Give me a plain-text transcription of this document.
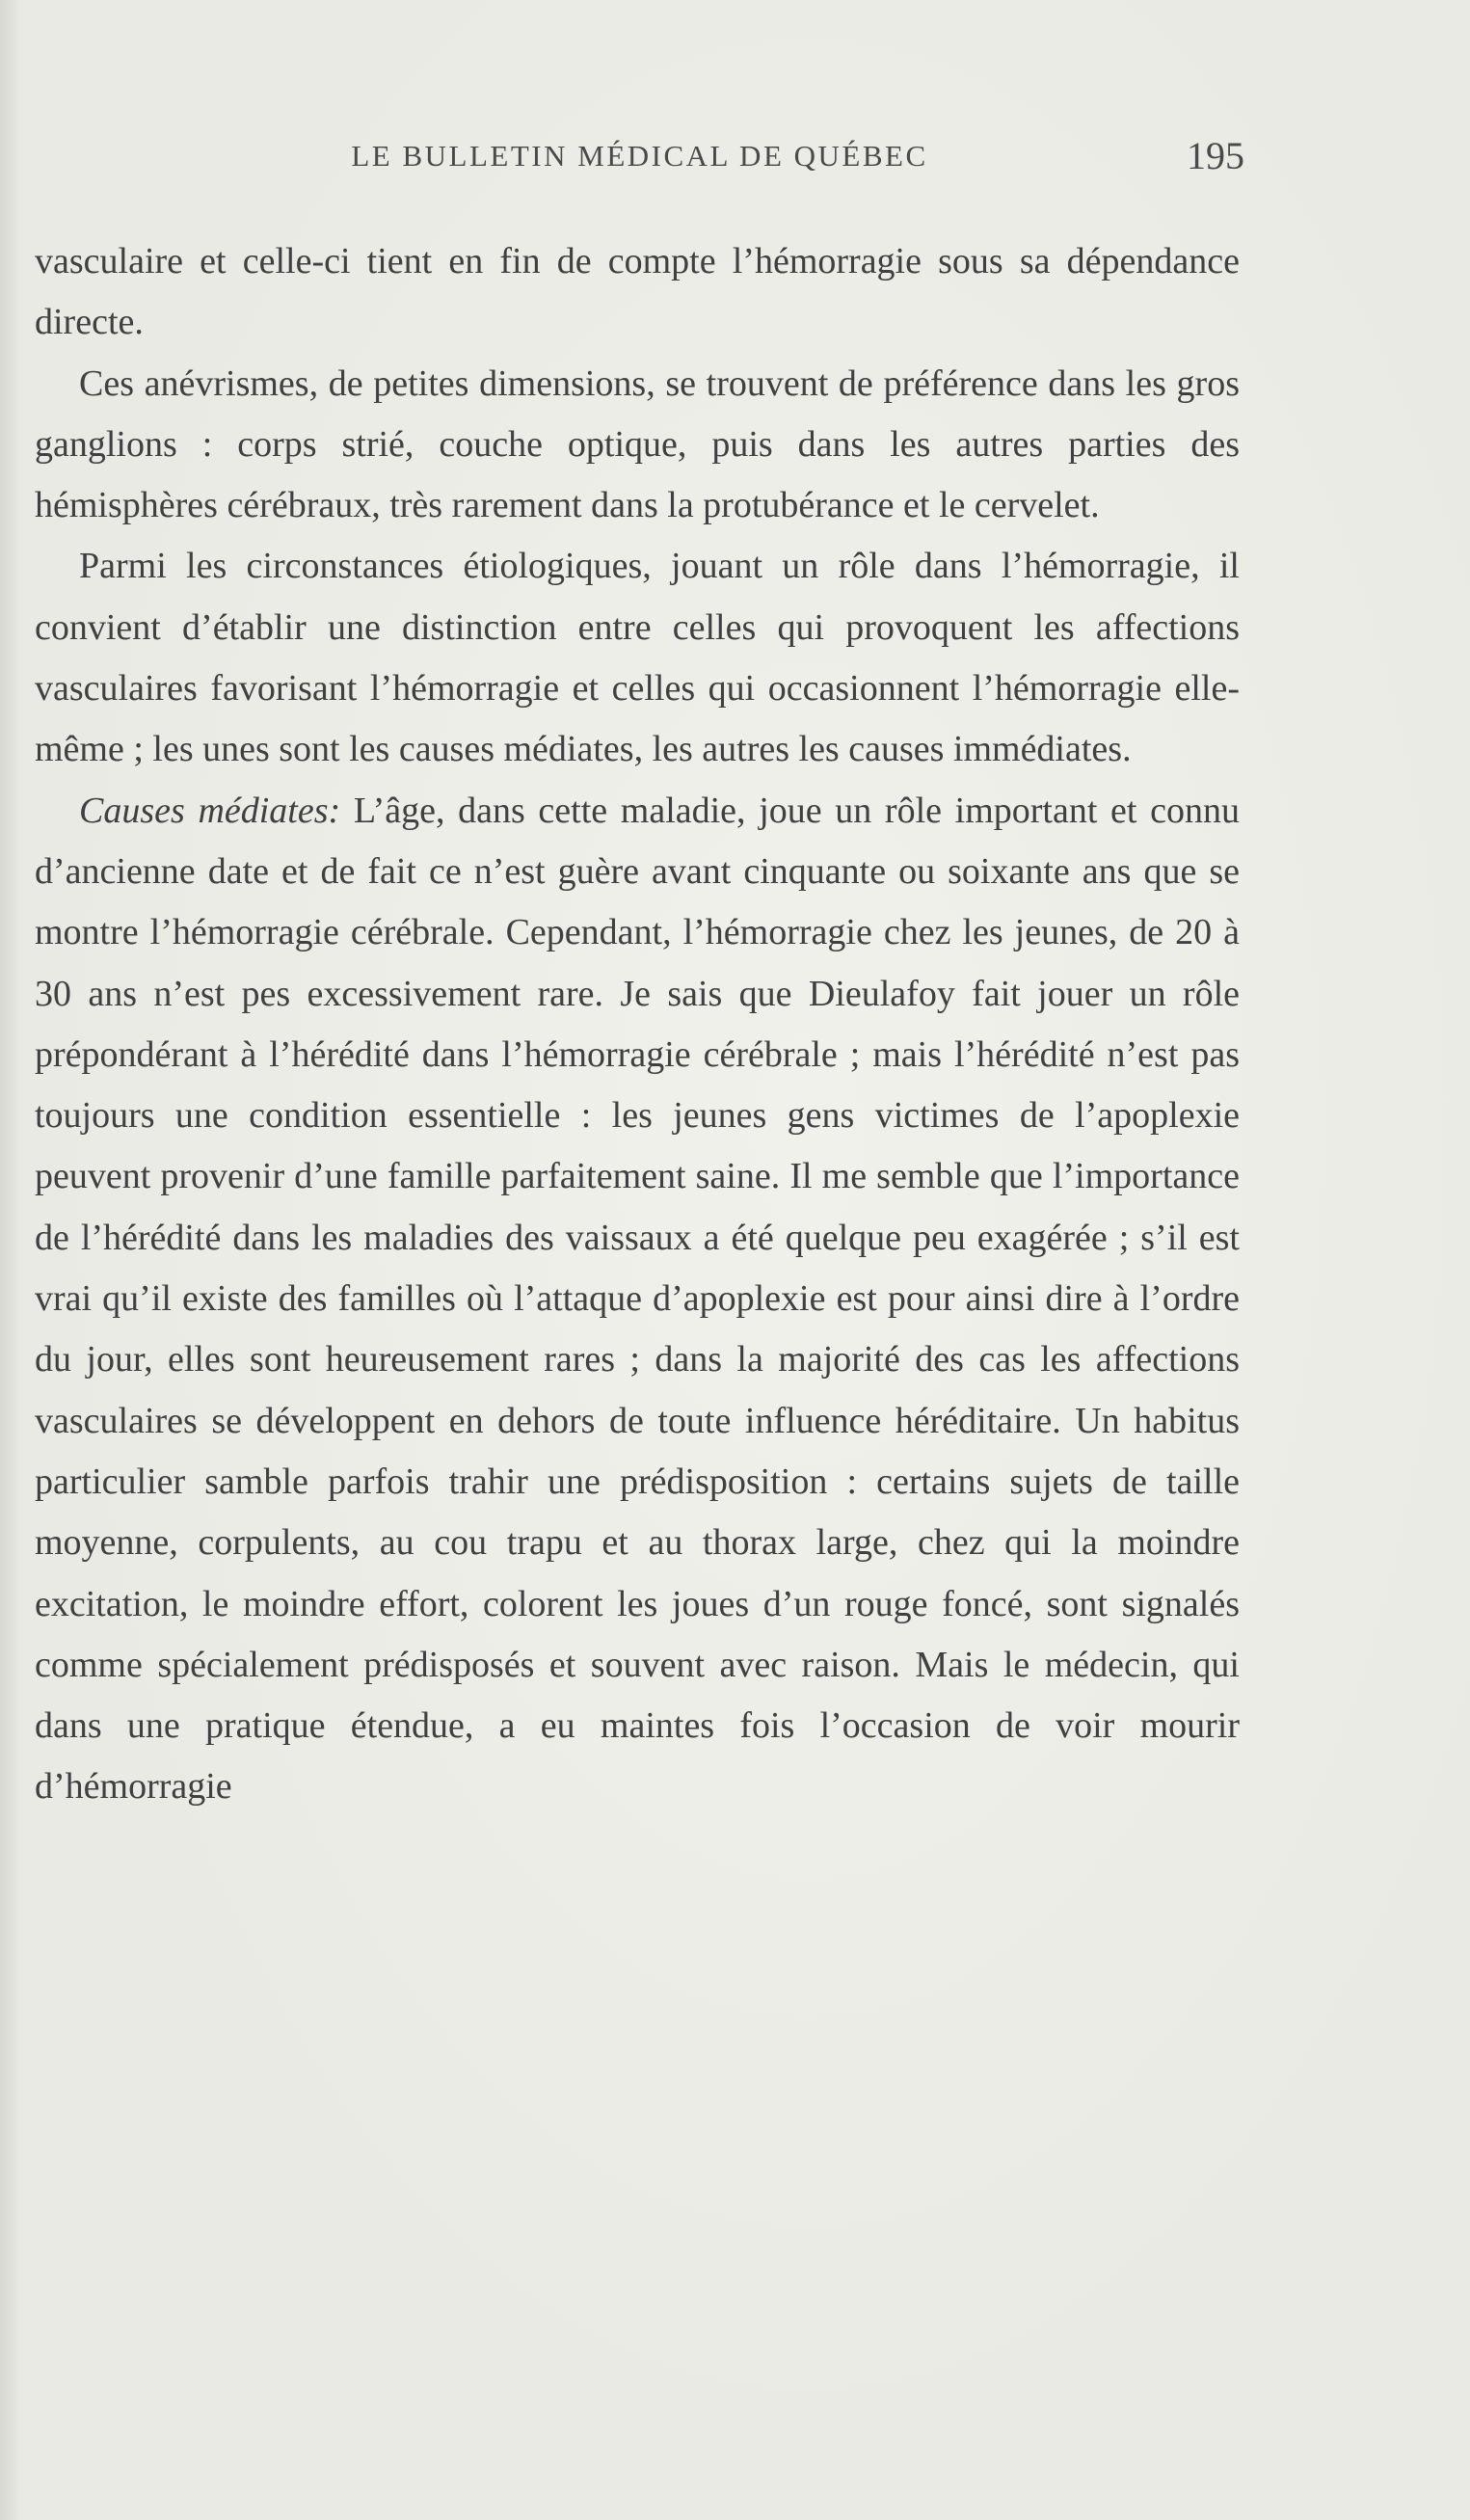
LE BULLETIN MÉDICAL DE QUÉBEC	195

vasculaire et celle-ci tient en fin de compte l’hémorragie sous sa dépendance directe.

Ces anévrismes, de petites dimensions, se trouvent de préférence dans les gros ganglions : corps strié, couche optique, puis dans les autres parties des hémisphères cérébraux, très rarement dans la protubérance et le cervelet.

Parmi les circonstances étiologiques, jouant un rôle dans l’hémorragie, il convient d’établir une distinction entre celles qui provoquent les affections vasculaires favorisant l’hémorragie et celles qui occasionnent l’hémorragie elle-même ; les unes sont les causes médiates, les autres les causes immédiates.

Causes médiates: L’âge, dans cette maladie, joue un rôle important et connu d’ancienne date et de fait ce n’est guère avant cinquante ou soixante ans que se montre l’hémorragie cérébrale. Cependant, l’hémorragie chez les jeunes, de 20 à 30 ans n’est pes excessivement rare. Je sais que Dieulafoy fait jouer un rôle prépondérant à l’hérédité dans l’hémorragie cérébrale ; mais l’hérédité n’est pas toujours une condition essentielle : les jeunes gens victimes de l’apoplexie peuvent provenir d’une famille parfaitement saine. Il me semble que l’importance de l’hérédité dans les maladies des vaissaux a été quelque peu exagérée ; s’il est vrai qu’il existe des familles où l’attaque d’apoplexie est pour ainsi dire à l’ordre du jour, elles sont heureusement rares ; dans la majorité des cas les affections vasculaires se développent en dehors de toute influence héréditaire. Un habitus particulier samble parfois trahir une prédisposition : certains sujets de taille moyenne, corpulents, au cou trapu et au thorax large, chez qui la moindre excitation, le moindre effort, colorent les joues d’un rouge foncé, sont signalés comme spécialement prédisposés et souvent avec raison. Mais le médecin, qui dans une pratique étendue, a eu maintes fois l’occasion de voir mourir d’hémorragie
